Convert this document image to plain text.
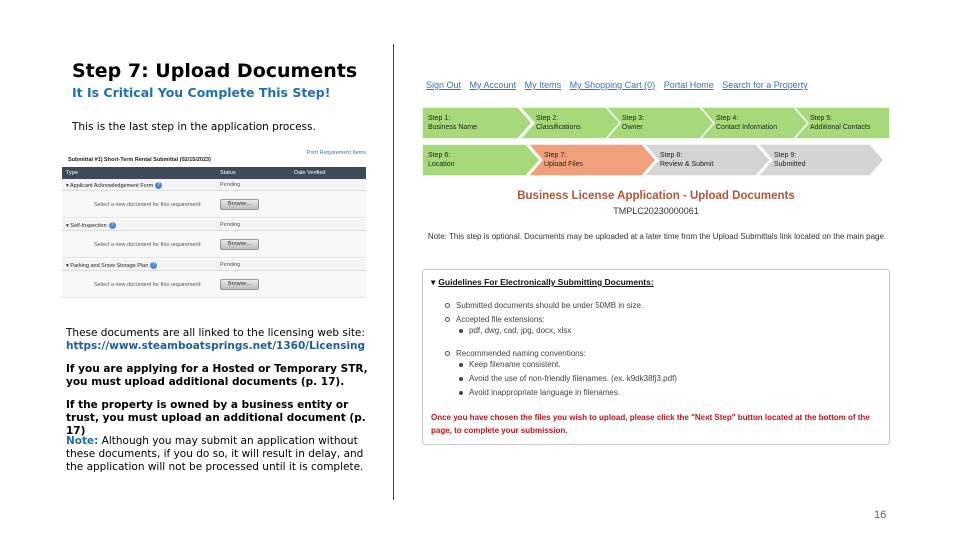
Step 7: Upload Documents
It Is Critical You Complete This Step!
This is the last step in the application process.
Print Requirement Items
Submittal #1) Short-Term Rental Submittal (02/15/2023)
Type	Status	Date Verified
▾ Applicant Acknowledgement Form ?	Pending
Select a new document for this requirement:	Browse...
▾ Self-Inspection ?	Pending
Select a new document for this requirement:	Browse...
▾ Parking and Snow Storage Plan ?	Pending
Select a new document for this requirement:	Browse...
These documents are all linked to the licensing web site:
https://www.steamboatsprings.net/1360/Licensing
If you are applying for a Hosted or Temporary STR, you must upload additional documents (p. 17).
If the property is owned by a business entity or trust, you must upload an additional document (p. 17)
Note: Although you may submit an application without these documents, if you do so, it will result in delay, and the application will not be processed until it is complete.
Sign Out My Account My Items My Shopping Cart (0) Portal Home Search for a Property
Step 1:
Business Name
Step 2:
Classifications
Step 3:
Owner
Step 4:
Contact Information
Step 5:
Additional Contacts
Step 6:
Location
Step 7:
Upload Files
Step 8:
Review & Submit
Step 9:
Submitted
Business License Application - Upload Documents
TMPLC20230000061
Note: This step is optional. Documents may be uploaded at a later time from the Upload Submittals link located on the main page.
▾ Guidelines For Electronically Submitting Documents:
Submitted documents should be under 50MB in size.
Accepted file extensions:
pdf, dwg, cad, jpg, docx, xlsx
Recommended naming conventions:
Keep filename consistent.
Avoid the use of non-friendly filenames. (ex. k9dk38fj3.pdf)
Avoid inappropriate language in filenames.
Once you have chosen the files you wish to upload, please click the "Next Step" button located at the bottom of the page, to complete your submission.
16
